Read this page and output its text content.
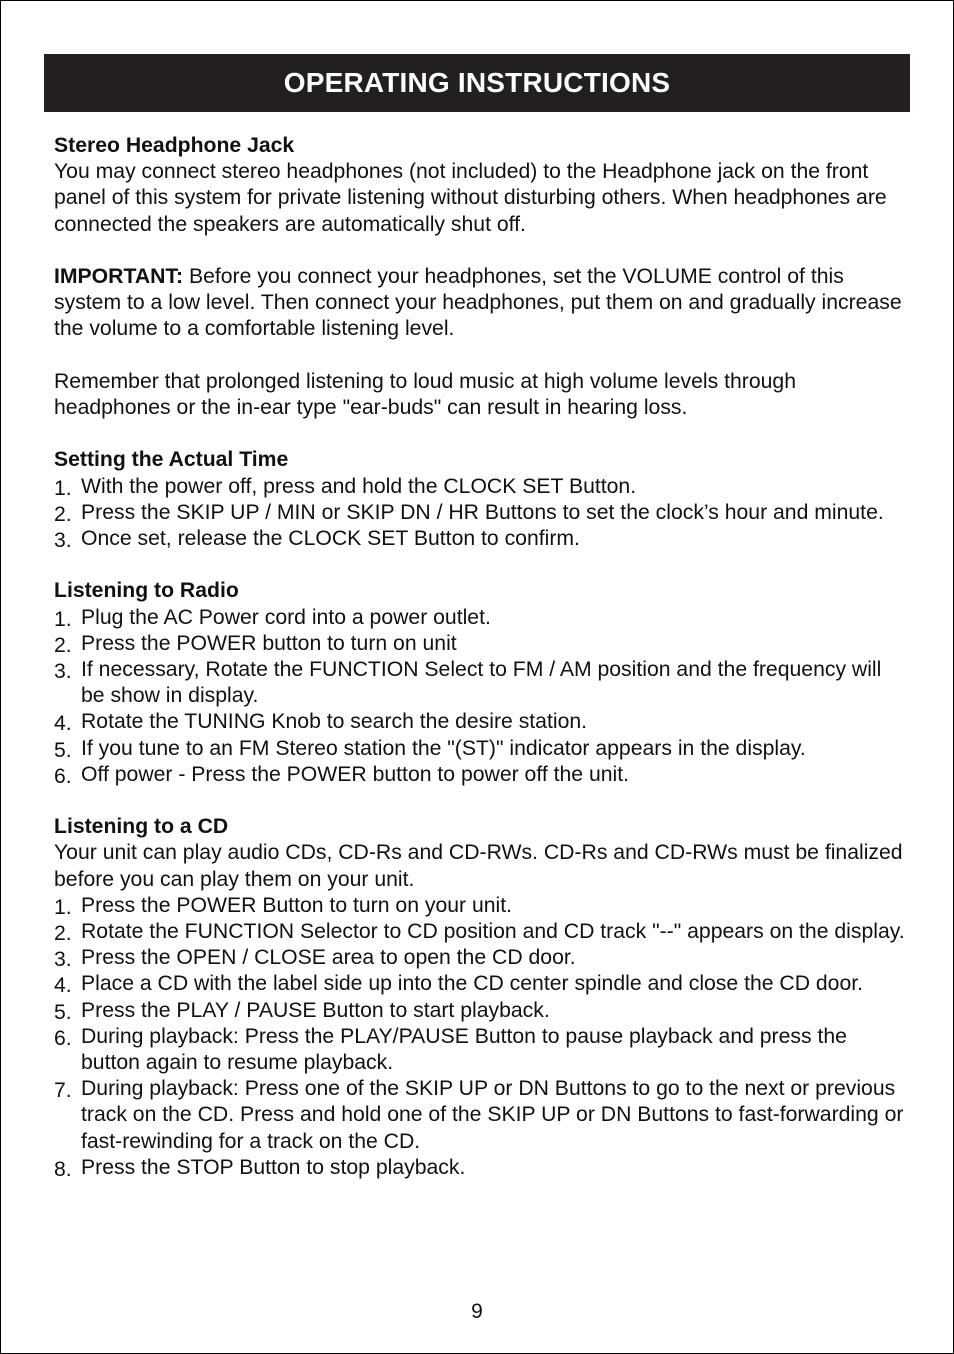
OPERATING INSTRUCTIONS

Stereo Headphone Jack

You may connect stereo headphones (not included) to the Headphone jack on the front panel of this system for private listening without disturbing others. When headphones are connected the speakers are automatically shut off.

IMPORTANT: Before you connect your headphones, set the VOLUME control of this system to a low level. Then connect your headphones, put them on and gradually increase the volume to a comfortable listening level.

Remember that prolonged listening to loud music at high volume levels through headphones or the in-ear type "ear-buds" can result in hearing loss.

Setting the Actual Time

1. With the power off, press and hold the CLOCK SET Button.
2. Press the SKIP UP / MIN or SKIP DN / HR Buttons to set the clock’s hour and minute.
3. Once set, release the CLOCK SET Button to confirm.

Listening to Radio

1. Plug the AC Power cord into a power outlet.
2. Press the POWER button to turn on unit
3. If necessary, Rotate the FUNCTION Select to FM / AM position and the frequency will be show in display.
4. Rotate the TUNING Knob to search the desire station.
5. If you tune to an FM Stereo station the "(ST)" indicator appears in the display.
6. Off power - Press the POWER button to power off the unit.

Listening to a CD

Your unit can play audio CDs, CD-Rs and CD-RWs. CD-Rs and CD-RWs must be finalized before you can play them on your unit.

1. Press the POWER Button to turn on your unit.
2. Rotate the FUNCTION Selector to CD position and CD track "--" appears on the display.
3. Press the OPEN / CLOSE area to open the CD door.
4. Place a CD with the label side up into the CD center spindle and close the CD door.
5. Press the PLAY / PAUSE Button to start playback.
6. During playback: Press the PLAY/PAUSE Button to pause playback and press the button again to resume playback.
7. During playback: Press one of the SKIP UP or DN Buttons to go to the next or previous track on the CD. Press and hold one of the SKIP UP or DN Buttons to fast-forwarding or fast-rewinding for a track on the CD.
8. Press the STOP Button to stop playback.
9
